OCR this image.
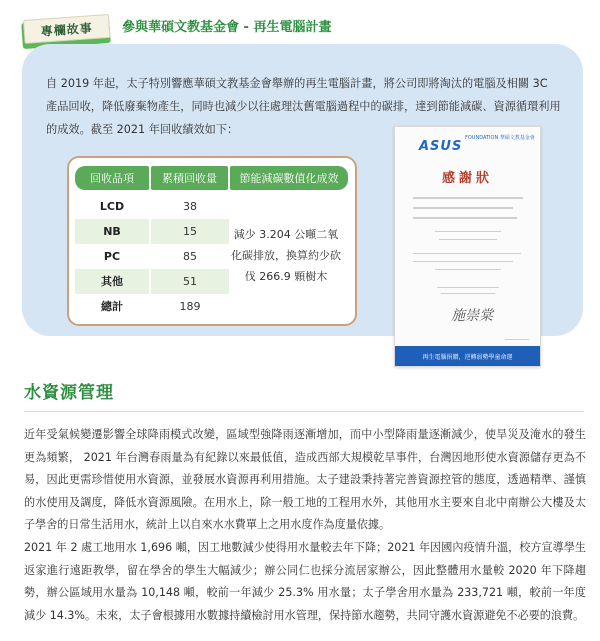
專欄故事	參與華碩文教基金會 - 再生電腦計畫
自 2019 年起，太子特別響應華碩文教基金會舉辦的再生電腦計畫，將公司即將淘汰的電腦及相關 3C 產品回收，降低廢棄物產生，同時也減少以往處理汰舊電腦過程中的碳排，達到節能減碳、資源循環利用的成效。截至 2021 年回收績效如下：
回收品項	累積回收量	節能減碳數值化成效
LCD	38
NB	15
PC	85
其他	51
總計	189
減少 3.204 公噸二氧化碳排放，換算約少砍伐 266.9 顆樹木
ASUS
FOUNDATION 華碩文教基金會
感謝狀
施崇棠
再生電腦捐贈，逆轉弱勢學童命運
水資源管理
近年受氣候變遷影響全球降雨模式改變，區域型強降雨逐漸增加，而中小型降雨量逐漸減少，使旱災及淹水的發生更為頻繁， 2021 年台灣春雨量為有紀錄以來最低值，造成西部大規模乾旱事件，台灣因地形使水資源儲存更為不易，因此更需珍惜使用水資源，並發展水資源再利用措施。太子建設秉持著完善資源控管的態度，透過精準、謹慎的水使用及調度，降低水資源風險。在用水上，除一般工地的工程用水外，其他用水主要來自北中南辦公大樓及太子學舍的日常生活用水，統計上以自來水水費單上之用水度作為度量依據。
2021 年 2 處工地用水 1,696 噸，因工地數減少使得用水量較去年下降；2021 年因國內疫情升溫，校方宣導學生返家進行遠距教學，留在學舍的學生大幅減少；辦公同仁也採分流居家辦公，因此整體用水量較 2020 年下降趨勢，辦公區域用水量為 10,148 噸，較前一年減少 25.3% 用水量；太子學舍用水量為 233,721 噸，較前一年度減少 14.3%。未來，太子會根據用水數據持續檢討用水管理，保持節水趨勢，共同守護水資源避免不必要的浪費。
